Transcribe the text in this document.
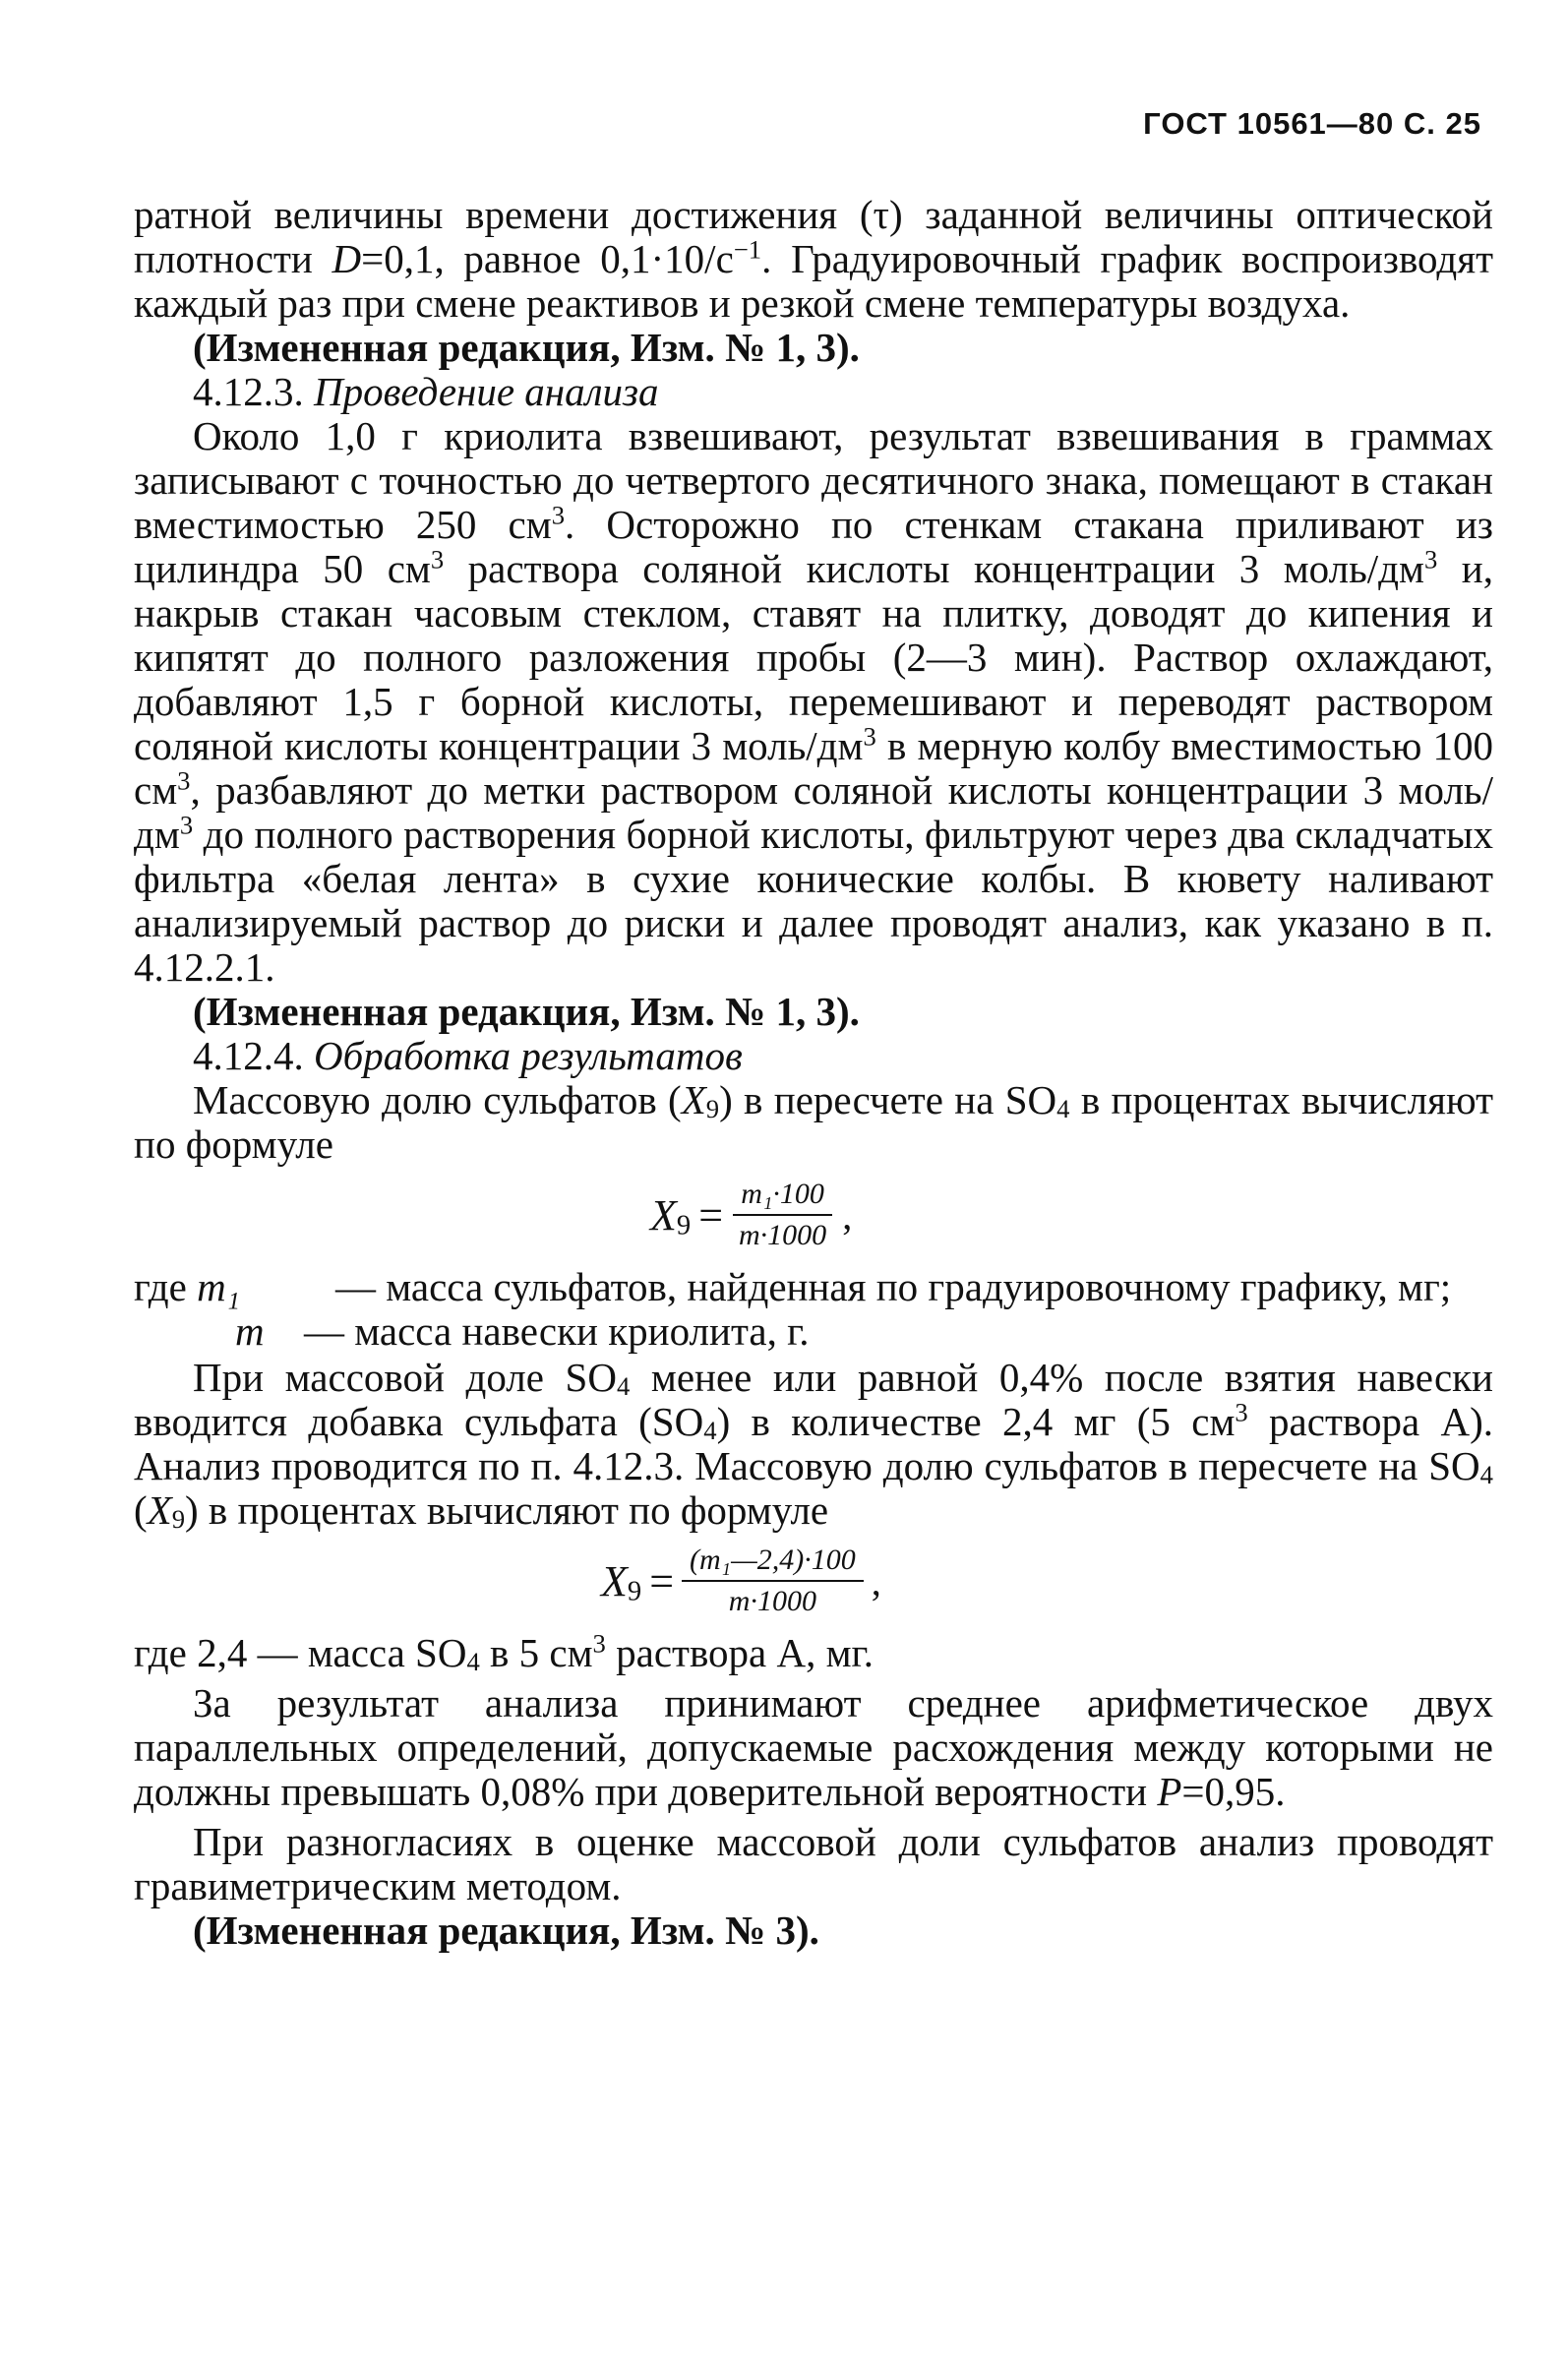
ГОСТ 10561—80 С. 25

ратной величины времени достижения (τ) заданной величины оптической плотности D=0,1, равное $0,1\cdot 10/с^{-1}$. Градуировочный график воспроизводят каждый раз при смене реактивов и резкой смене температуры воздуха.

(Измененная редакция, Изм. № 1, 3).

4.12.3. Проведение анализа

Около 1,0 г криолита взвешивают, результат взвешивания в граммах записывают с точностью до четвертого десятичного знака, помещают в стакан вместимостью 250 $см^3$. Осторожно по стенкам стакана приливают из цилиндра 50 $см^3$ раствора соляной кислоты концентрации 3 моль/$дм^3$ и, накрыв стакан часовым стеклом, ставят на плитку, доводят до кипения и кипятят до полного разложения пробы (2—3 мин). Раствор охлаждают, добавляют 1,5 г борной кислоты, перемешивают и переводят раствором соляной кислоты концентрации 3 моль/$дм^3$ в мерную колбу вместимостью 100 $см^3$, разбавляют до метки раствором соляной кислоты концентрации 3 моль/$дм^3$ до полного растворения борной кислоты, фильтруют через два складчатых фильтра «белая лента» в сухие конические колбы. В кювету наливают анализируемый раствор до риски и далее проводят анализ, как указано в п. 4.12.2.1.

(Измененная редакция, Изм. № 1, 3).

4.12.4. Обработка результатов

Массовую долю сульфатов $(X_9)$ в пересчете на $SO_4$ в процентах вычисляют по формуле

$X_9 = \frac{\text{m₁·100}}{m\cdot 1000}$ ,
где m₁	— масса сульфатов, найденная по градуировочному графику, мг;
m — масса навески криолита, г.

При массовой доле $SO_4$ менее или равной 0,4% после взятия навески вводится добавка сульфата $(SO_4)$ в количестве 2,4 мг (5 $см^3$ раствора А). Анализ проводится по п. 4.12.3. Массовую долю сульфатов в пересчете на $SO_4$ $(X_9)$ в процентах вычисляют по формуле

$X_9 = \frac{\text{(m₁—2,4)·100}}{m\cdot 1000}$ ,

где 2,4 — масса $SO_4$ в 5 $см^3$ раствора А, мг.

За результат анализа принимают среднее арифметическое двух параллельных определений, допускаемые расхождения между которыми не должны превышать 0,08% при доверительной вероятности P=0,95.

При разногласиях в оценке массовой доли сульфатов анализ проводят гравиметрическим методом.

(Измененная редакция, Изм. № 3).
